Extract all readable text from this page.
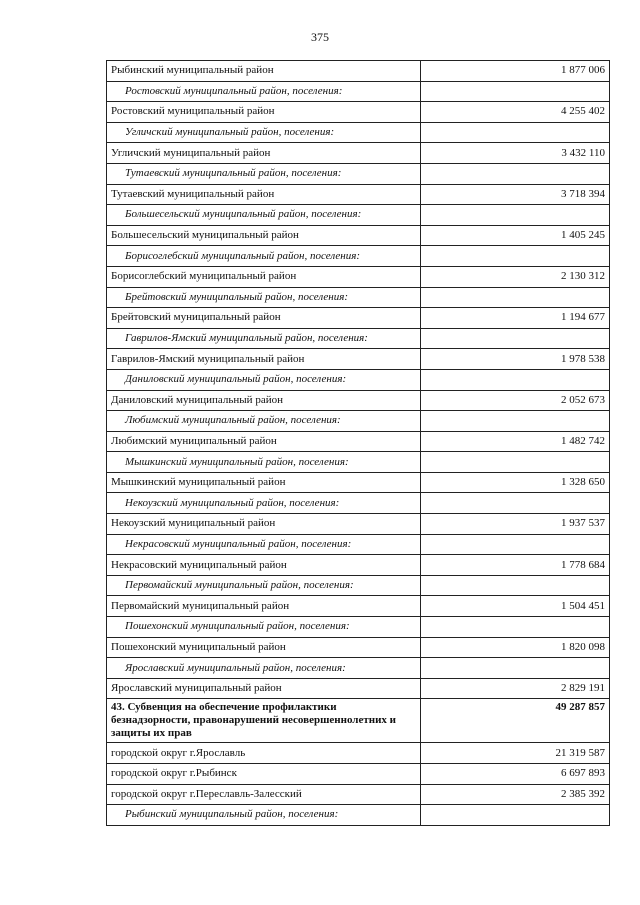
375
Рыбинский муниципальный район	1 877 006
Ростовский муниципальный район, поселения:	
Ростовский муниципальный район	4 255 402
Угличский муниципальный район, поселения:	
Угличский муниципальный район	3 432 110
Тутаевский муниципальный район, поселения:	
Тутаевский муниципальный район	3 718 394
Большесельский муниципальный район, поселения:	
Большесельский муниципальный район	1 405 245
Борисоглебский муниципальный район, поселения:	
Борисоглебский муниципальный район	2 130 312
Брейтовский муниципальный район, поселения:	
Брейтовский муниципальный район	1 194 677
Гаврилов-Ямский муниципальный район, поселения:	
Гаврилов-Ямский муниципальный район	1 978 538
Даниловский муниципальный район, поселения:	
Даниловский муниципальный район	2 052 673
Любимский муниципальный район, поселения:	
Любимский муниципальный район	1 482 742
Мышкинский муниципальный район, поселения:	
Мышкинский муниципальный район	1 328 650
Некоузский муниципальный район, поселения:	
Некоузский муниципальный район	1 937 537
Некрасовский муниципальный район, поселения:	
Некрасовский муниципальный район	1 778 684
Первомайский муниципальный район, поселения:	
Первомайский муниципальный район	1 504 451
Пошехонский муниципальный район, поселения:	
Пошехонский муниципальный район	1 820 098
Ярославский муниципальный район, поселения:	
Ярославский муниципальный район	2 829 191
43. Субвенция на обеспечение профилактики безнадзорности, правонарушений несовершеннолетних и защиты их прав	49 287 857
городской округ г.Ярославль	21 319 587
городской округ г.Рыбинск	6 697 893
городской округ г.Переславль-Залесский	2 385 392
Рыбинский муниципальный район, поселения:	
